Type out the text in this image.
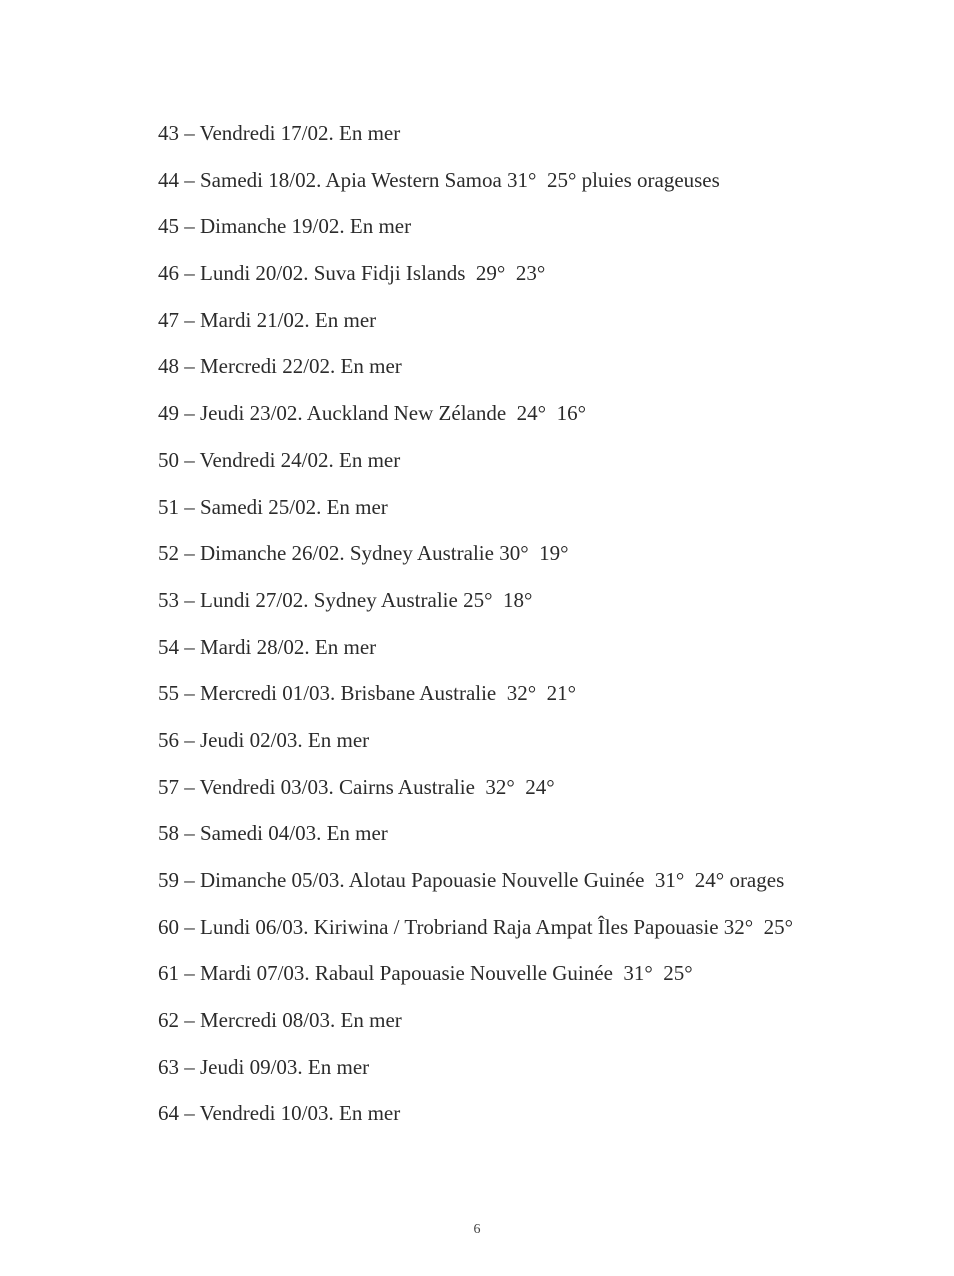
43 – Vendredi 17/02. En mer
44 – Samedi 18/02. Apia Western Samoa 31°  25° pluies orageuses
45 – Dimanche 19/02. En mer
46 – Lundi 20/02. Suva Fidji Islands  29°  23°
47 – Mardi 21/02. En mer
48 – Mercredi 22/02. En mer
49 – Jeudi 23/02. Auckland New Zélande  24°  16°
50 – Vendredi 24/02. En mer
51 – Samedi 25/02. En mer
52 – Dimanche 26/02. Sydney Australie 30°  19°
53 – Lundi 27/02. Sydney Australie 25°  18°
54 – Mardi 28/02. En mer
55 – Mercredi 01/03. Brisbane Australie  32°  21°
56 – Jeudi 02/03. En mer
57 – Vendredi 03/03. Cairns Australie  32°  24°
58 – Samedi 04/03. En mer
59 – Dimanche 05/03. Alotau Papouasie Nouvelle Guinée  31°  24° orages
60 – Lundi 06/03. Kiriwina / Trobriand Raja Ampat Îles Papouasie 32°  25°
61 – Mardi 07/03. Rabaul Papouasie Nouvelle Guinée  31°  25°
62 – Mercredi 08/03. En mer
63 – Jeudi 09/03. En mer
64 – Vendredi 10/03. En mer
6
